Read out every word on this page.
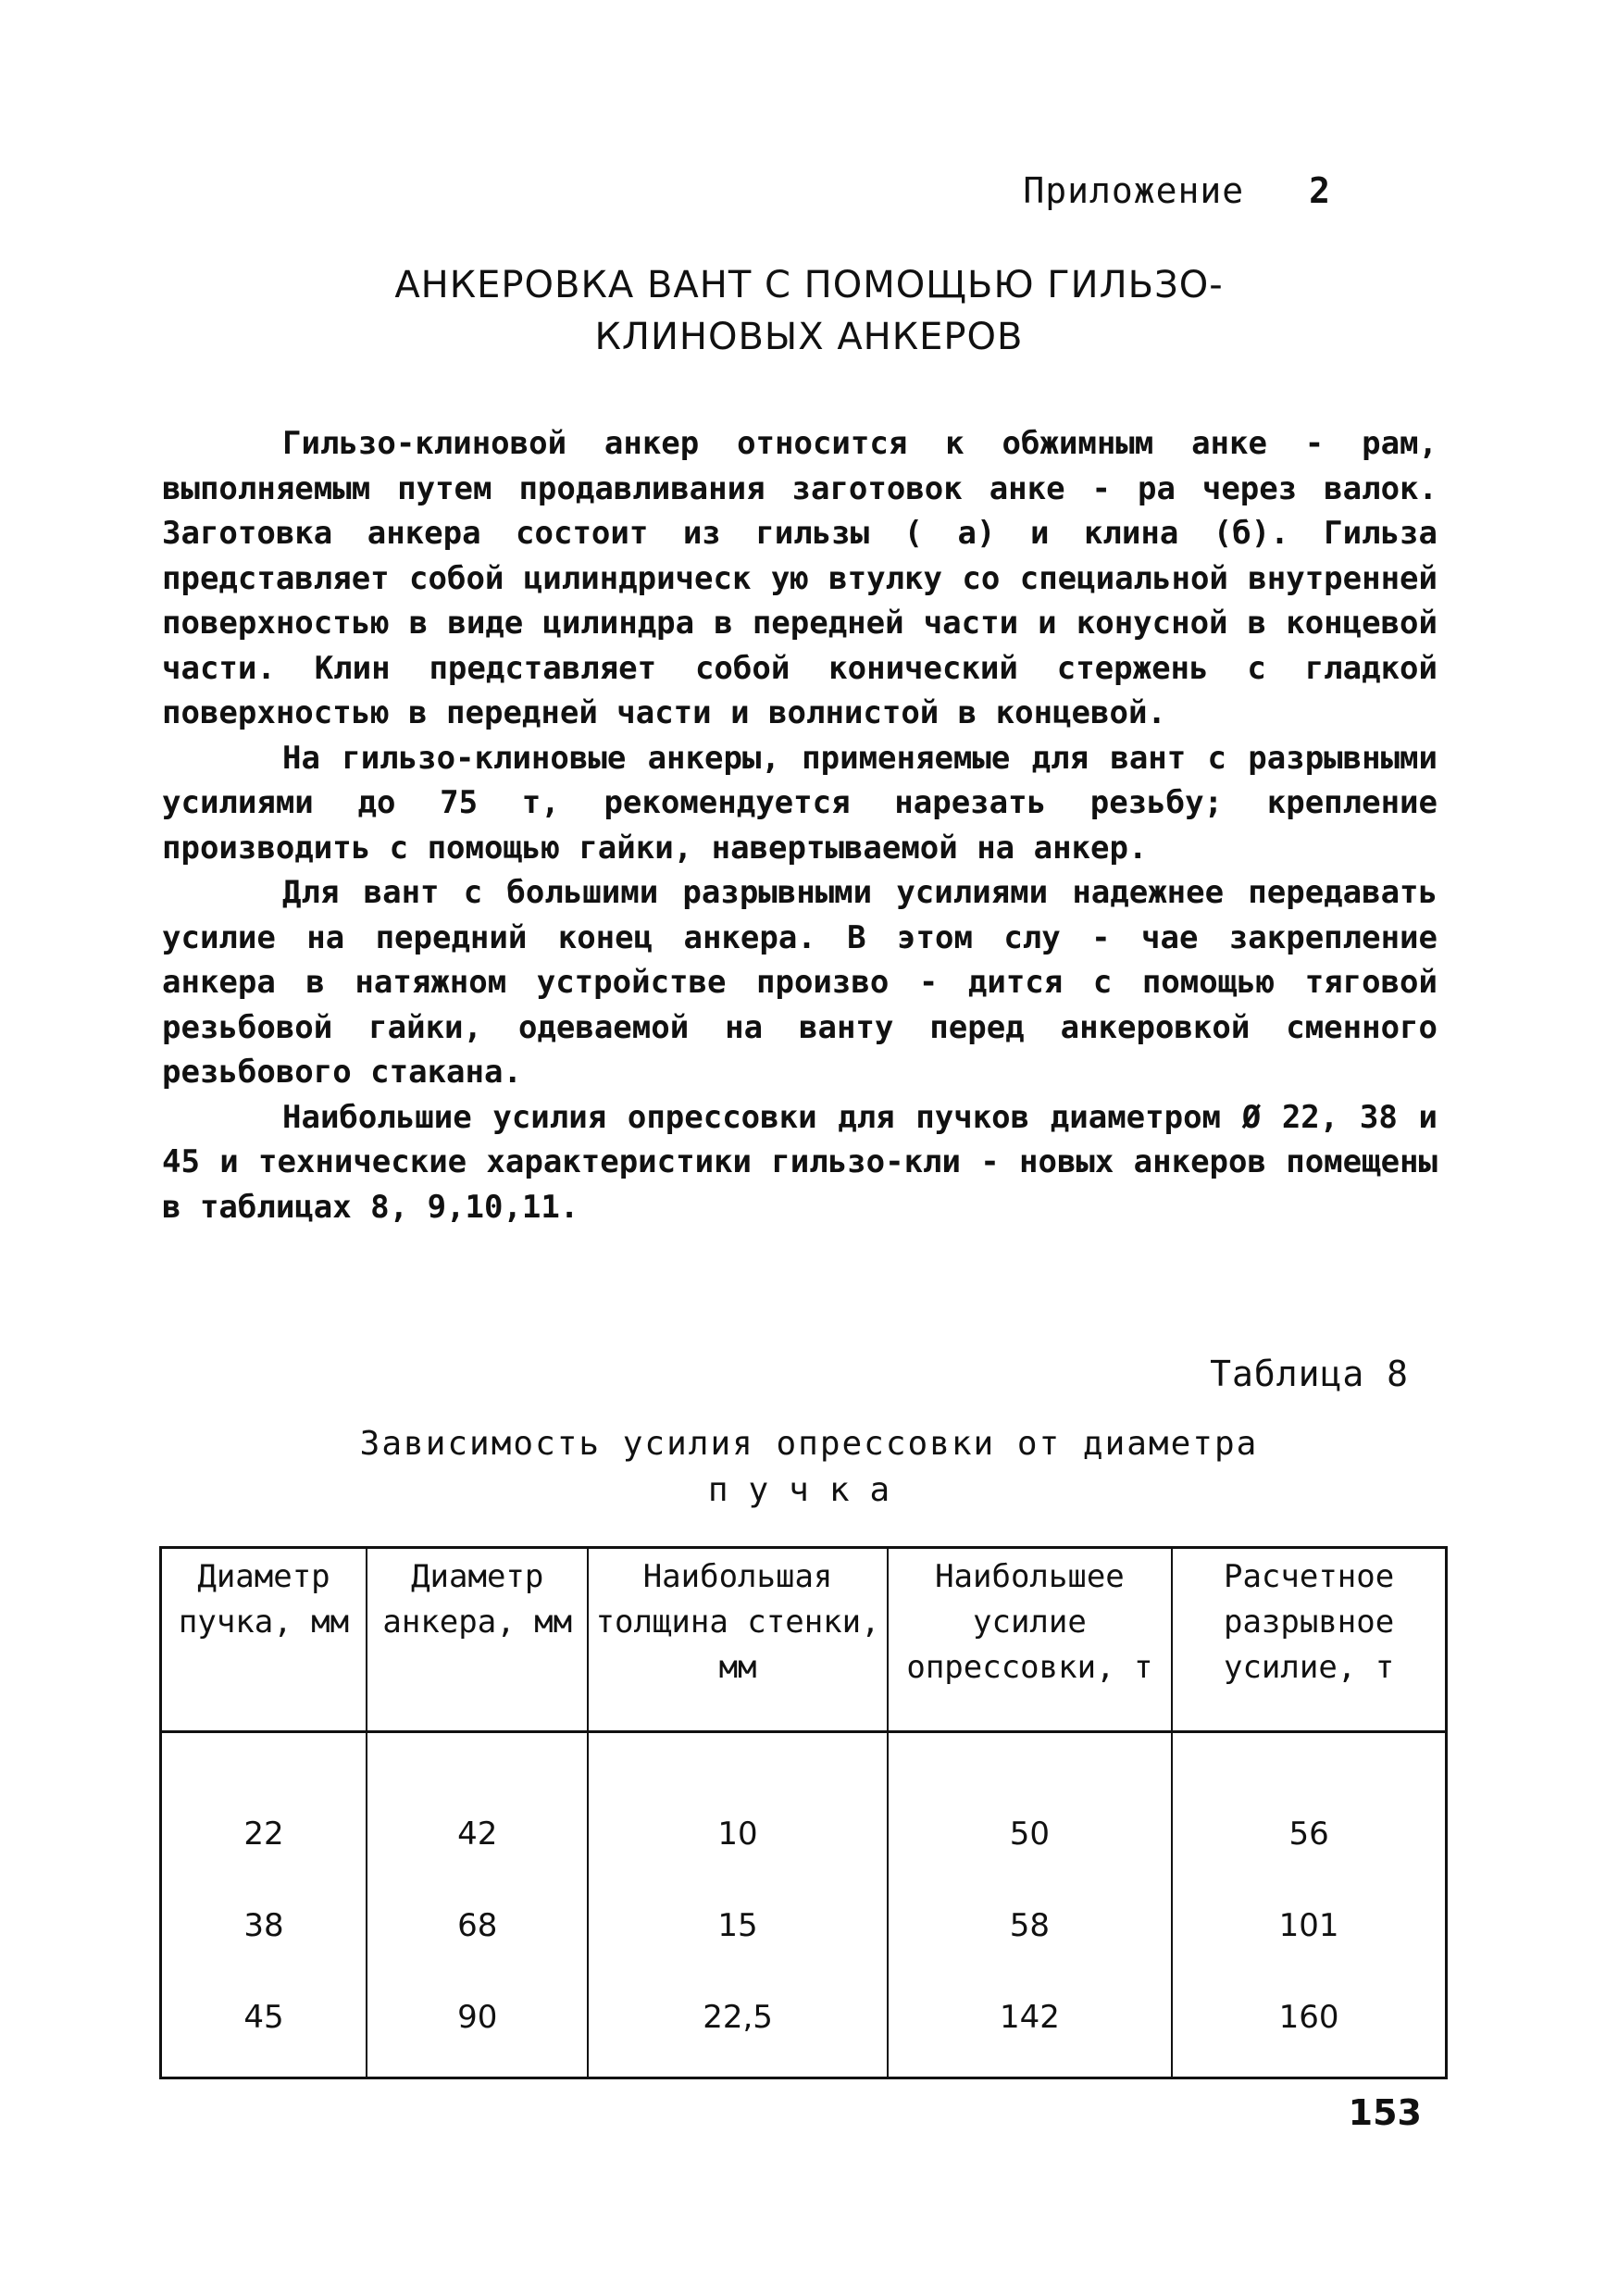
Приложение 2
АНКЕРОВКА ВАНТ С ПОМОЩЬЮ ГИЛЬЗО-
КЛИНОВЫХ АНКЕРОВ

Гильзо-клиновой анкер относится к обжимным анке - рам, выполняемым путем продавливания заготовок анке - ра через валок. Заготовка анкера состоит из гильзы ( а) и клина (б). Гильза представляет собой цилиндрическ ую втулку со специальной внутренней поверхностью в виде цилиндра в передней части и конусной в концевой части. Клин представляет собой конический стержень с гладкой поверхностью в передней части и волнистой в концевой.

На гильзо-клиновые анкеры, применяемые для вант с разрывными усилиями до 75 т, рекомендуется нарезать резьбу; крепление производить с помощью гайки, навертываемой на анкер.

Для вант с большими разрывными усилиями надежнее передавать усилие на передний конец анкера. В этом слу - чае закрепление анкера в натяжном устройстве произво - дится с помощью тяговой резьбовой гайки, одеваемой на ванту перед анкеровкой сменного резьбового стакана.

Наибольшие усилия опрессовки для пучков диаметром Ø 22, 38 и 45 и технические характеристики гильзо-кли - новых анкеров помещены в таблицах 8, 9,10,11.

Таблица 8
Зависимость усилия опрессовки от диаметра
пучка
Диаметр пучка, мм	Диаметр анкера, мм	Наибольшая толщина стенки, мм	Наибольшее усилие опрессовки, т	Расчетное разрывное усилие, т
22	42	10	50	56
38	68	15	58	101
45	90	22,5	142	160
153
